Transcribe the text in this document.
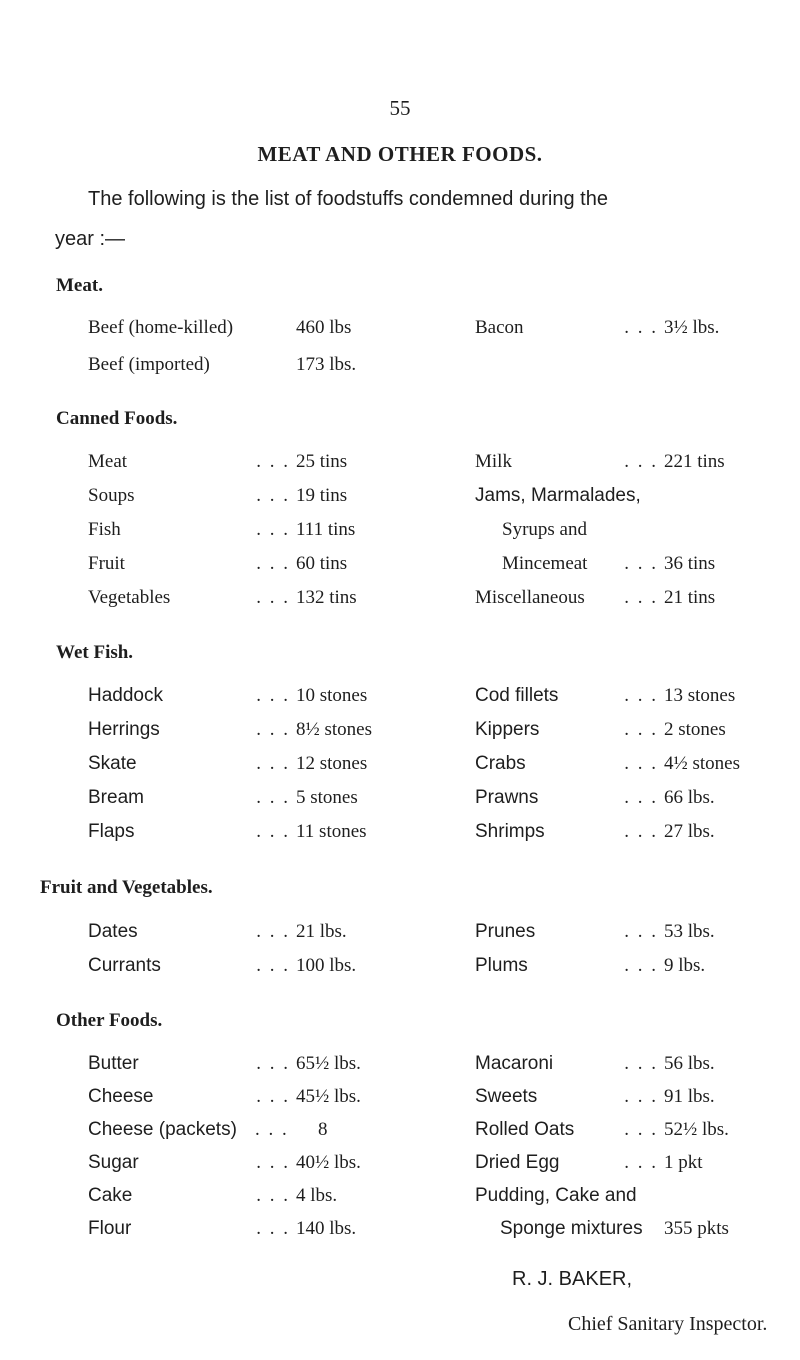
55
MEAT AND OTHER FOODS.
The following is the list of foodstuffs condemned during the
year :—
Meat.
Beef (home-killed)	460 lbs	Bacon	. . . 3½ lbs.
Beef (imported)	173 lbs.
Canned Foods.
Meat	. . . 25 tins	Milk	. . . 221 tins
Soups	. . . 19 tins	Jams, Marmalades,
Fish	. . . 111 tins	Syrups and
Fruit	. . . 60 tins	Mincemeat	. . . 36 tins
Vegetables	. . . 132 tins	Miscellaneous	. . . 21 tins
Wet Fish.
Haddock	. . . 10 stones	Cod fillets	. . . 13 stones
Herrings	. . . 8½ stones	Kippers	. . . 2 stones
Skate	. . . 12 stones	Crabs	. . . 4½ stones
Bream	. . . 5 stones	Prawns	. . . 66 lbs.
Flaps	. . . 11 stones	Shrimps	. . . 27 lbs.
Fruit and Vegetables.
Dates	. . . 21 lbs.	Prunes	. . . 53 lbs.
Currants	. . . 100 lbs.	Plums	. . . 9 lbs.
Other Foods.
Butter	. . . 65½ lbs.	Macaroni	. . . 56 lbs.
Cheese	. . . 45½ lbs.	Sweets	. . . 91 lbs.
Cheese (packets) . . . 8	Rolled Oats	. . . 52½ lbs.
Sugar	. . . 40½ lbs.	Dried Egg	. . . 1 pkt
Cake	. . . 4 lbs.	Pudding, Cake and
Flour	. . . 140 lbs.	Sponge mixtures 355 pkts
R. J. BAKER,
Chief Sanitary Inspector.
